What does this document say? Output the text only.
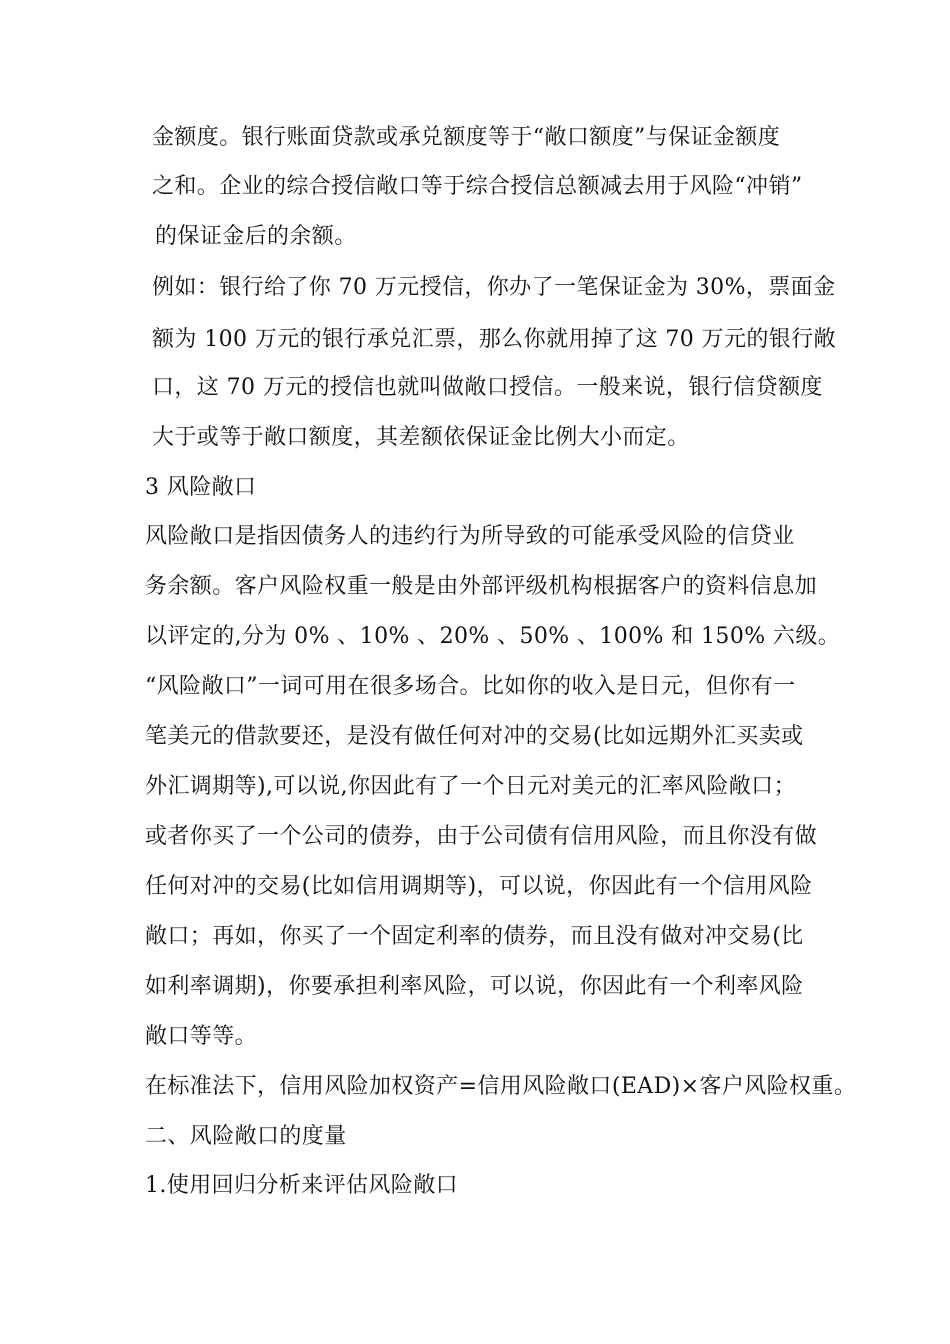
金额度。银行账面贷款或承兑额度等于“敞口额度”与保证金额度
之和。企业的综合授信敞口等于综合授信总额减去用于风险“冲销”
的保证金后的余额。
例如：银行给了你 70 万元授信，你办了一笔保证金为 30%，票面金
额为 100 万元的银行承兑汇票，那么你就用掉了这 70 万元的银行敞
口，这 70 万元的授信也就叫做敞口授信。一般来说，银行信贷额度
大于或等于敞口额度，其差额依保证金比例大小而定。
3 风险敞口
风险敞口是指因债务人的违约行为所导致的可能承受风险的信贷业
务余额。客户风险权重一般是由外部评级机构根据客户的资料信息加
以评定的,分为 0% 、10% 、20% 、50% 、100% 和 150% 六级。
“风险敞口”一词可用在很多场合。比如你的收入是日元，但你有一
笔美元的借款要还，是没有做任何对冲的交易(比如远期外汇买卖或
外汇调期等),可以说,你因此有了一个日元对美元的汇率风险敞口；
或者你买了一个公司的债券，由于公司债有信用风险，而且你没有做
任何对冲的交易(比如信用调期等)，可以说，你因此有一个信用风险
敞口；再如，你买了一个固定利率的债券，而且没有做对冲交易(比
如利率调期)，你要承担利率风险，可以说，你因此有一个利率风险
敞口等等。
在标准法下，信用风险加权资产=信用风险敞口(EAD)×客户风险权重。
二、风险敞口的度量
1.使用回归分析来评估风险敞口
